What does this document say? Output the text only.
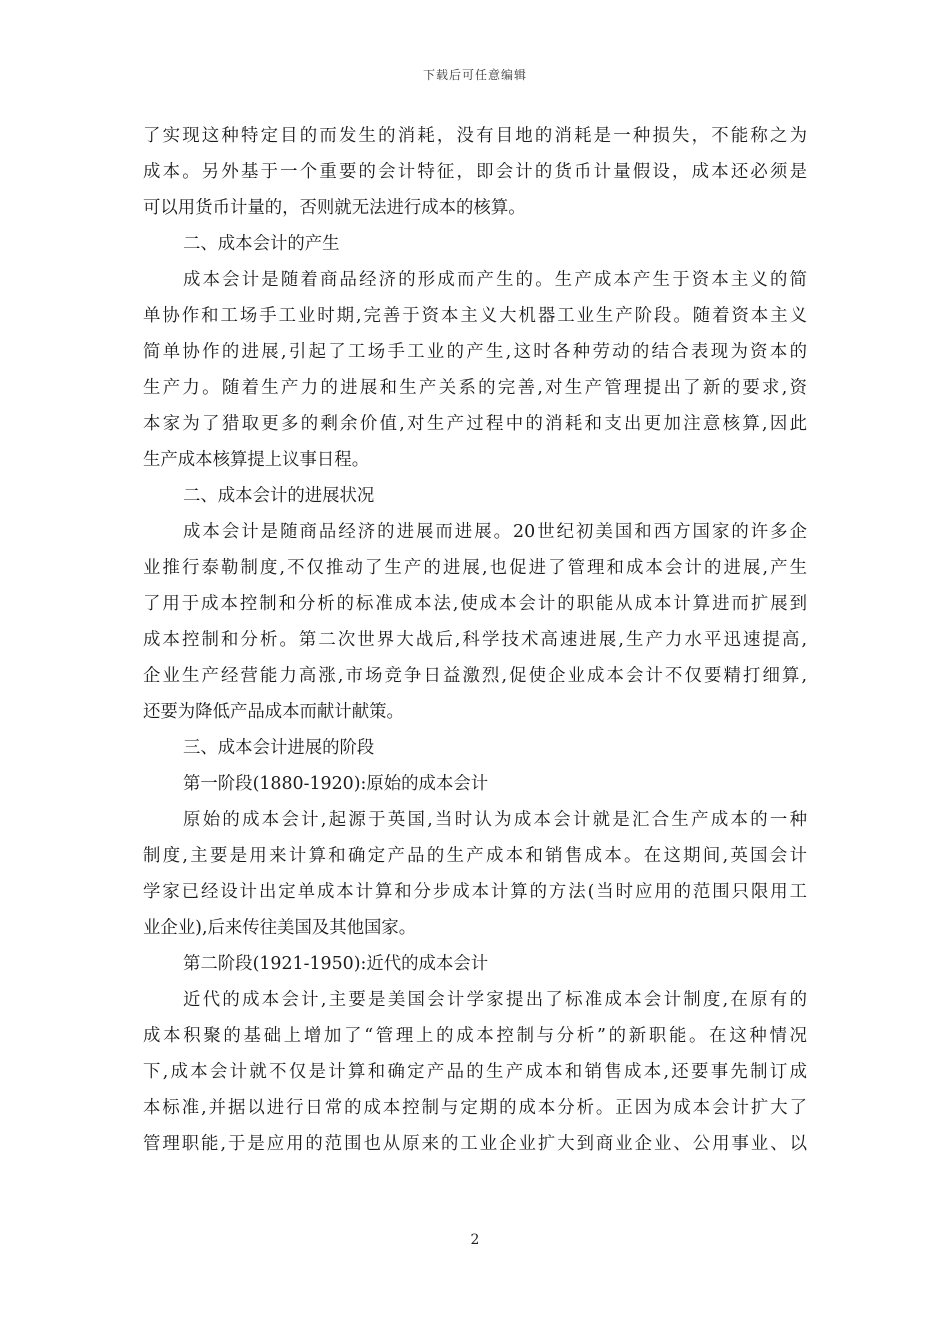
下载后可任意编辑
了实现这种特定目的而发生的消耗，没有目地的消耗是一种损失，不能称之为
成本。另外基于一个重要的会计特征，即会计的货币计量假设，成本还必须是
可以用货币计量的，否则就无法进行成本的核算。
二、成本会计的产生
成本会计是随着商品经济的形成而产生的。生产成本产生于资本主义的简
单协作和工场手工业时期,完善于资本主义大机器工业生产阶段。随着资本主义
简单协作的进展,引起了工场手工业的产生,这时各种劳动的结合表现为资本的
生产力。随着生产力的进展和生产关系的完善,对生产管理提出了新的要求,资
本家为了猎取更多的剩余价值,对生产过程中的消耗和支出更加注意核算,因此
生产成本核算提上议事日程。
二、成本会计的进展状况
成本会计是随商品经济的进展而进展。20世纪初美国和西方国家的许多企
业推行泰勒制度,不仅推动了生产的进展,也促进了管理和成本会计的进展,产生
了用于成本控制和分析的标准成本法,使成本会计的职能从成本计算进而扩展到
成本控制和分析。第二次世界大战后,科学技术高速进展,生产力水平迅速提高,
企业生产经营能力高涨,市场竞争日益激烈,促使企业成本会计不仅要精打细算,
还要为降低产品成本而献计献策。
三、成本会计进展的阶段
第一阶段(1880-1920):原始的成本会计
原始的成本会计,起源于英国,当时认为成本会计就是汇合生产成本的一种
制度,主要是用来计算和确定产品的生产成本和销售成本。在这期间,英国会计
学家已经设计出定单成本计算和分步成本计算的方法(当时应用的范围只限用工
业企业),后来传往美国及其他国家。
第二阶段(1921-1950):近代的成本会计
近代的成本会计,主要是美国会计学家提出了标准成本会计制度,在原有的
成本积聚的基础上增加了“管理上的成本控制与分析”的新职能。在这种情况
下,成本会计就不仅是计算和确定产品的生产成本和销售成本,还要事先制订成
本标准,并据以进行日常的成本控制与定期的成本分析。正因为成本会计扩大了
管理职能,于是应用的范围也从原来的工业企业扩大到商业企业、公用事业、以
2
